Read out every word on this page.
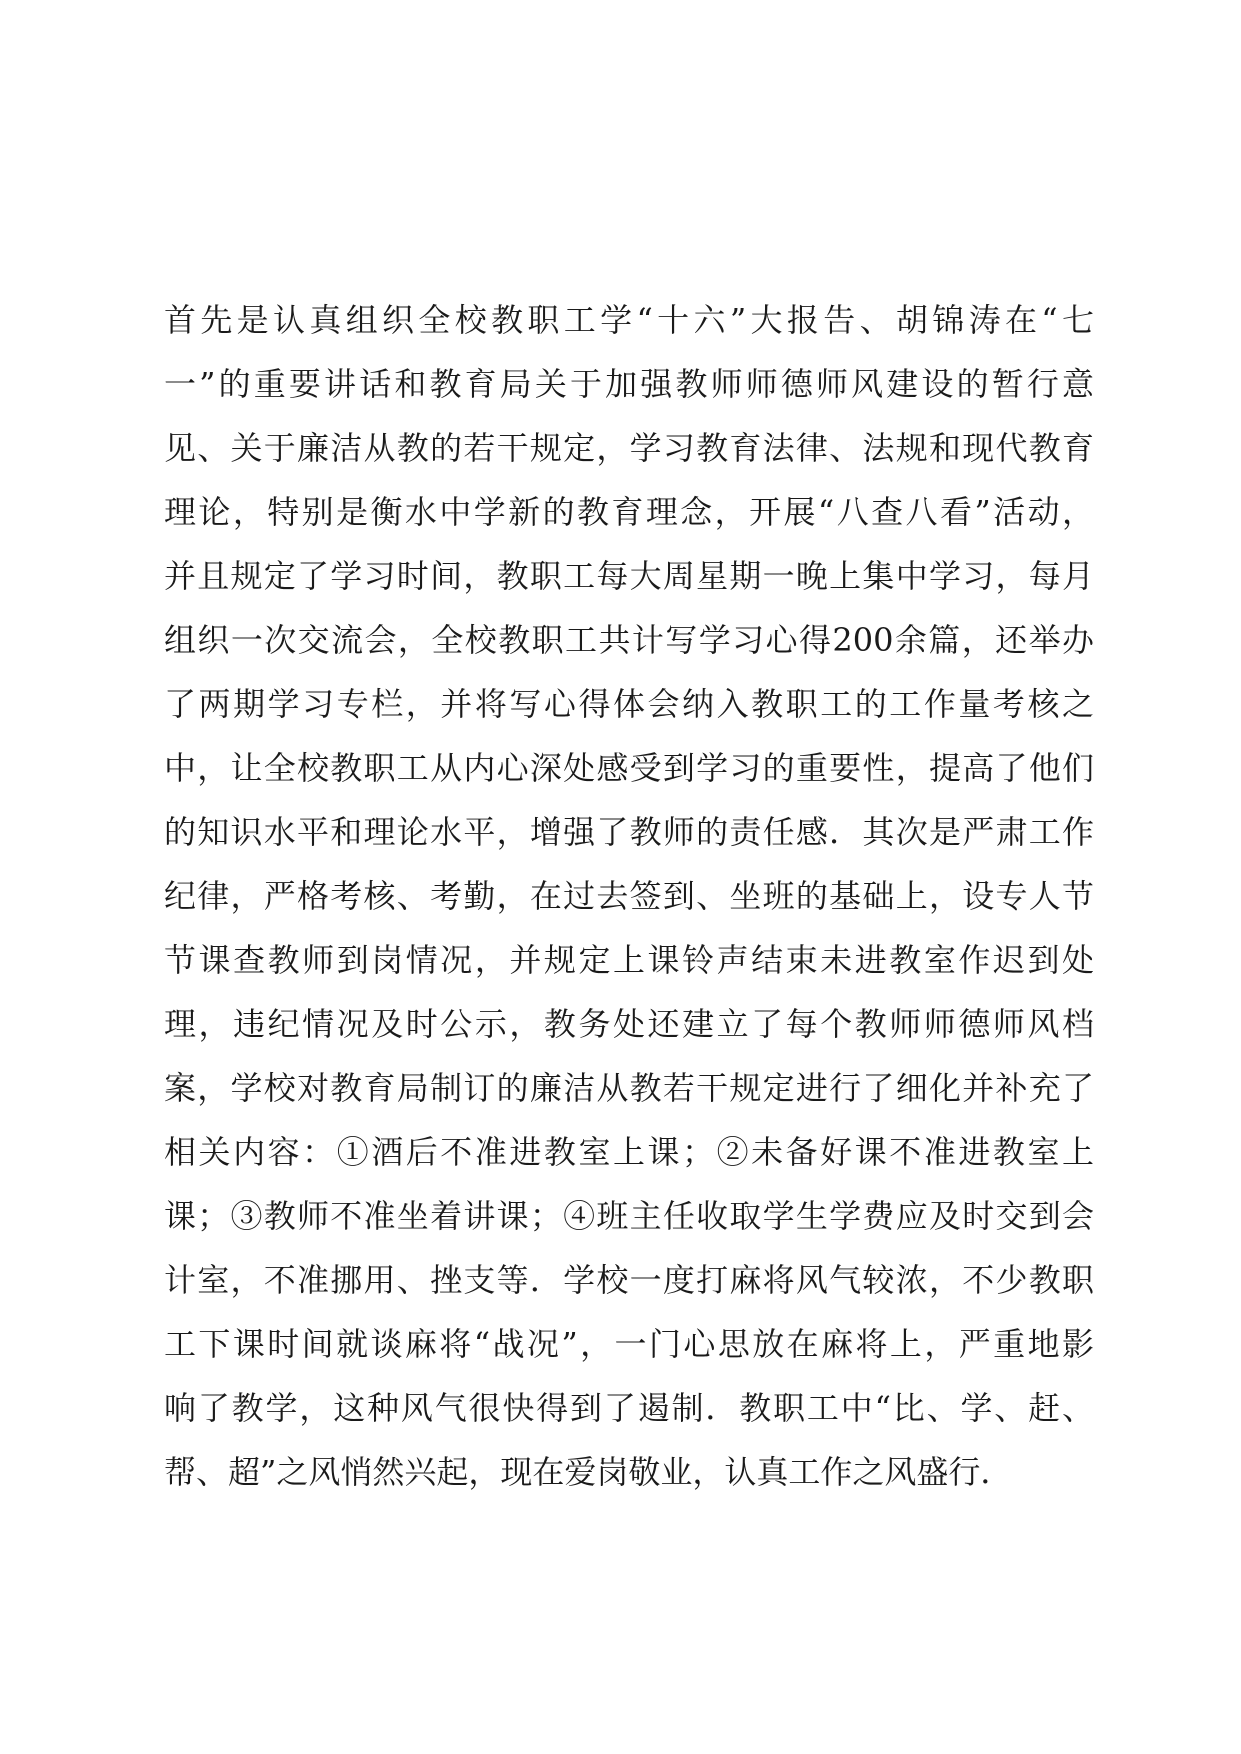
首先是认真组织全校教职工学“十六”大报告、胡锦涛在“七
一”的重要讲话和教育局关于加强教师师德师风建设的暂行意
见、关于廉洁从教的若干规定，学习教育法律、法规和现代教育
理论，特别是衡水中学新的教育理念，开展“八查八看”活动，
并且规定了学习时间，教职工每大周星期一晚上集中学习，每月
组织一次交流会，全校教职工共计写学习心得200余篇，还举办
了两期学习专栏，并将写心得体会纳入教职工的工作量考核之
中，让全校教职工从内心深处感受到学习的重要性，提高了他们
的知识水平和理论水平，增强了教师的责任感．其次是严肃工作
纪律，严格考核、考勤，在过去签到、坐班的基础上，设专人节
节课查教师到岗情况，并规定上课铃声结束未进教室作迟到处
理，违纪情况及时公示，教务处还建立了每个教师师德师风档
案，学校对教育局制订的廉洁从教若干规定进行了细化并补充了
相关内容：①酒后不准进教室上课；②未备好课不准进教室上
课；③教师不准坐着讲课；④班主任收取学生学费应及时交到会
计室，不准挪用、挫支等．学校一度打麻将风气较浓，不少教职
工下课时间就谈麻将“战况”，一门心思放在麻将上，严重地影
响了教学，这种风气很快得到了遏制．教职工中“比、学、赶、
帮、超”之风悄然兴起，现在爱岗敬业，认真工作之风盛行．
